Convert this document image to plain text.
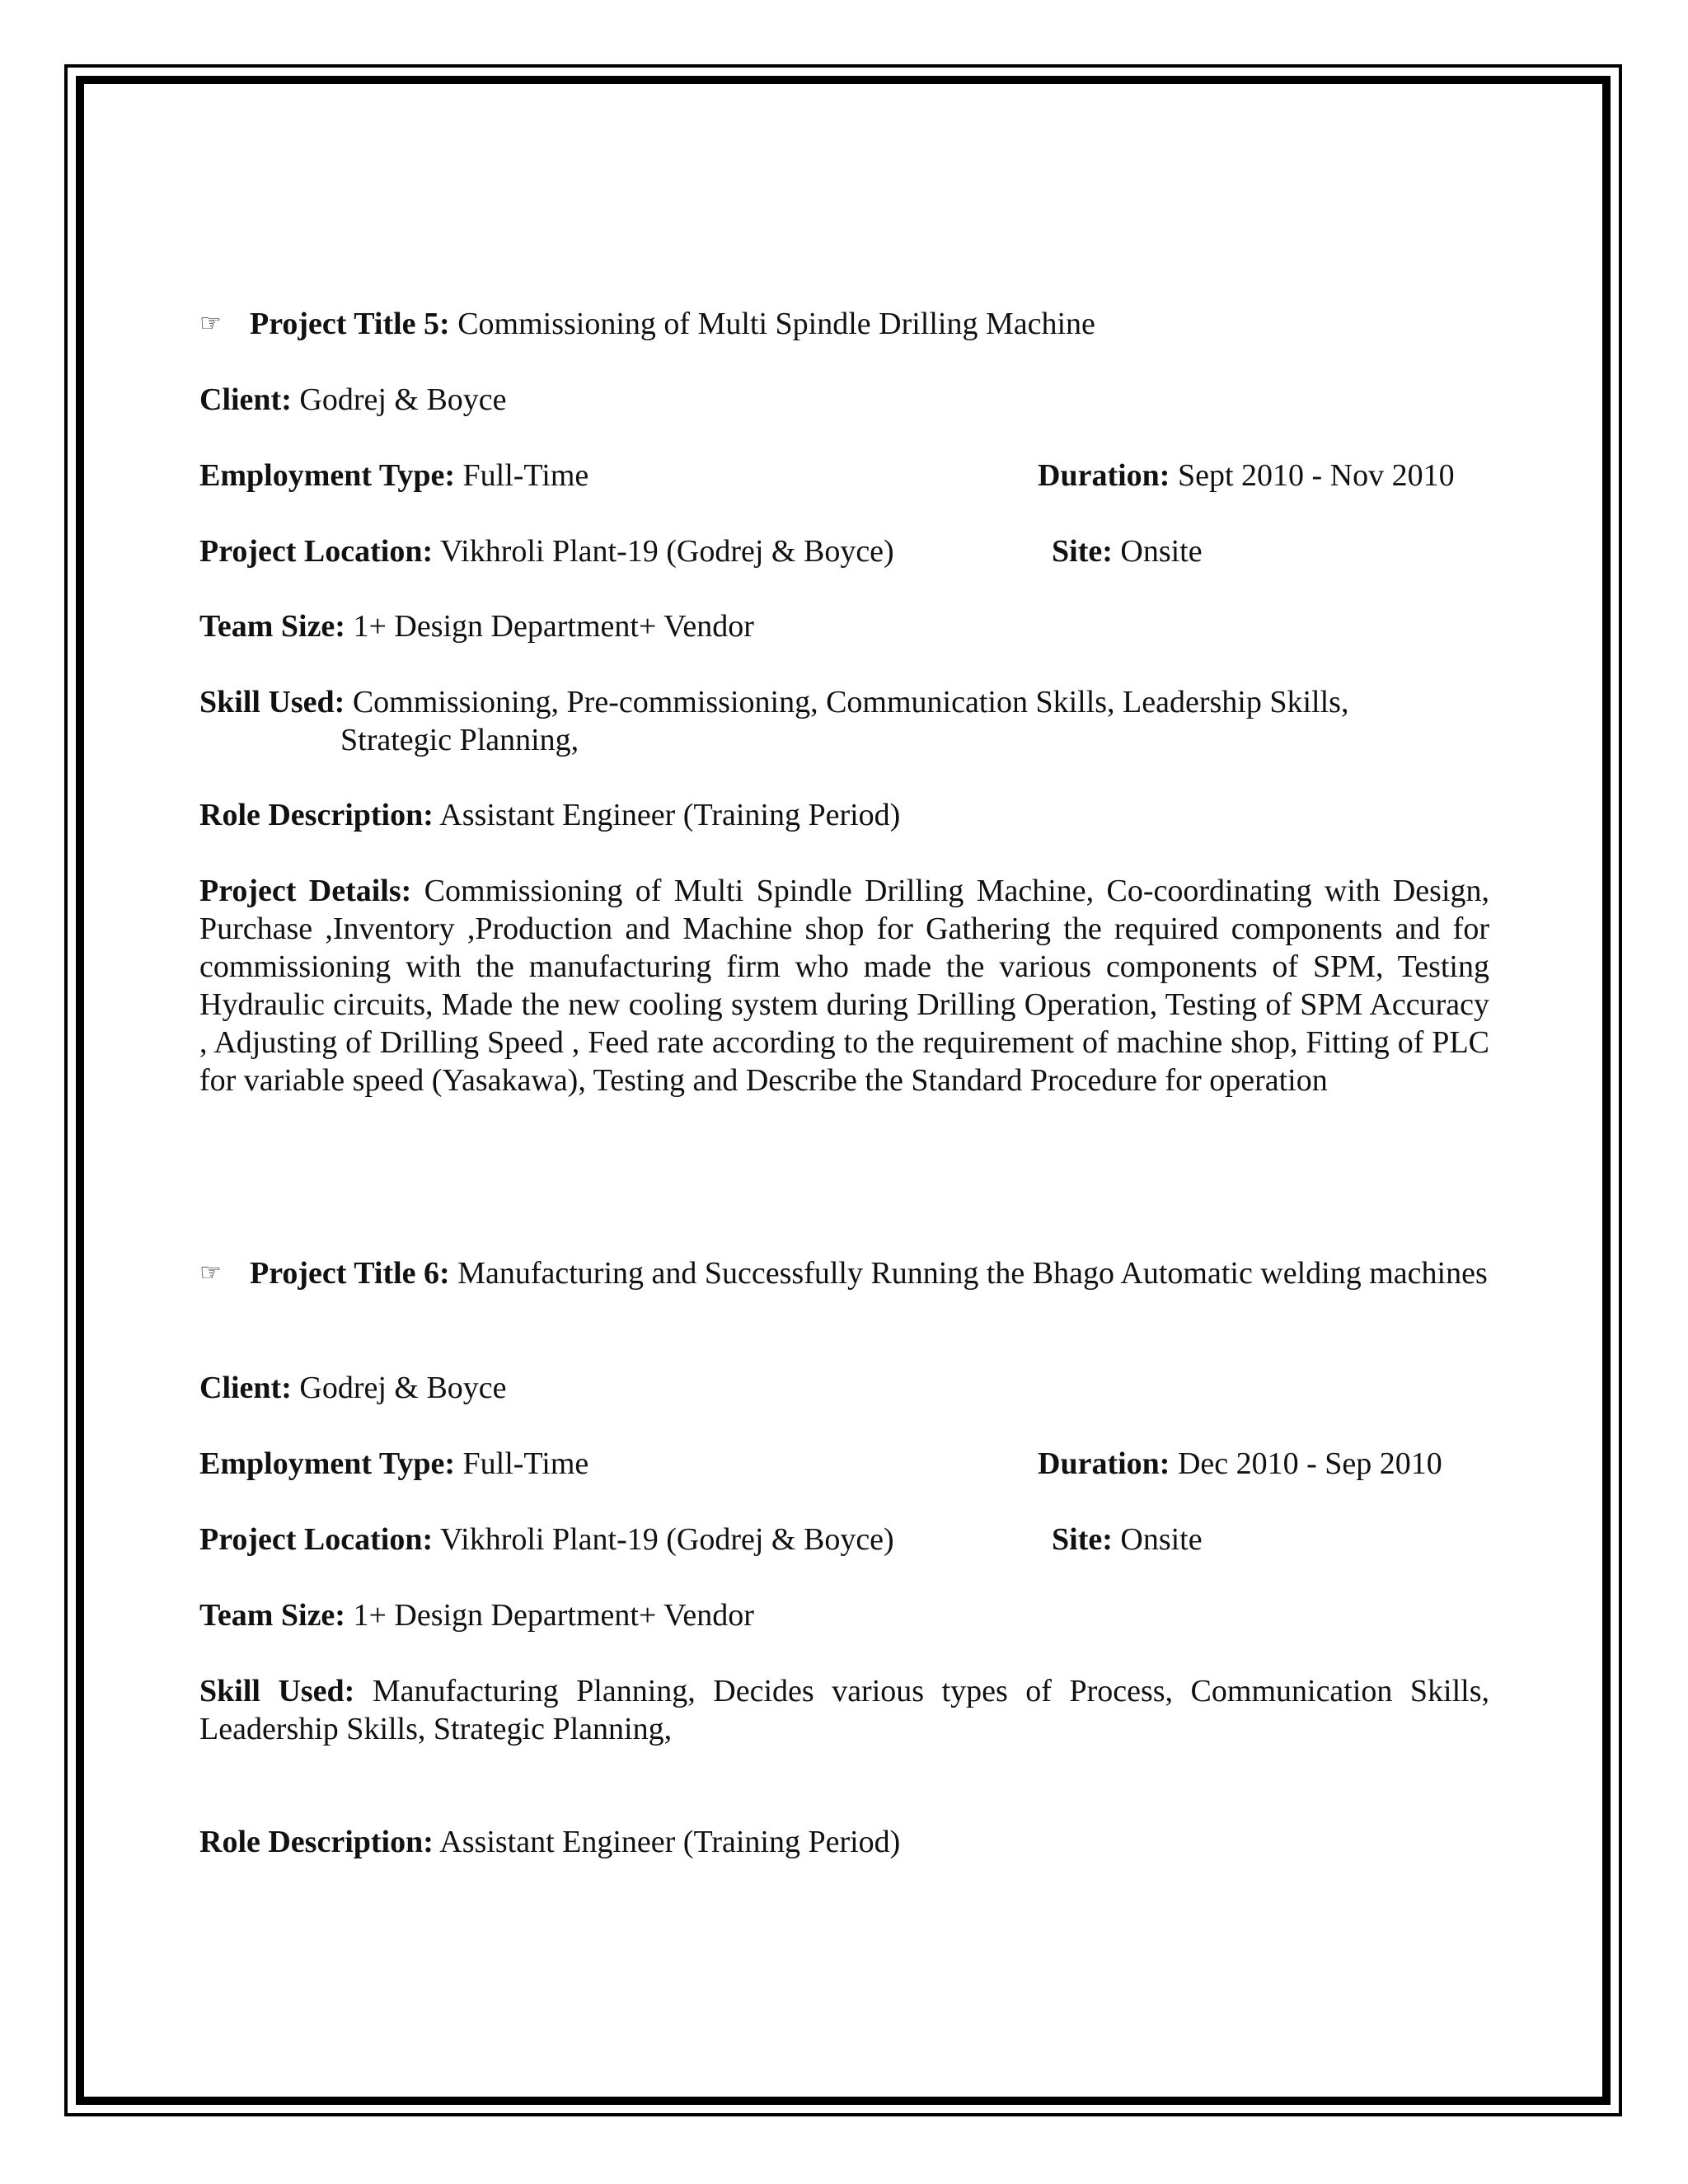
☞ Project Title 5: Commissioning of Multi Spindle Drilling Machine
Client: Godrej & Boyce
Employment Type: Full-Time	Duration: Sept 2010 - Nov 2010
Project Location: Vikhroli Plant-19 (Godrej & Boyce)	Site: Onsite
Team Size: 1+ Design Department+ Vendor
Skill Used: Commissioning, Pre-commissioning, Communication Skills, Leadership Skills,
Strategic Planning,
Role Description: Assistant Engineer (Training Period)
Project Details: Commissioning of Multi Spindle Drilling Machine, Co-coordinating with Design, Purchase ,Inventory ,Production and Machine shop for Gathering the required components and for commissioning with the manufacturing firm who made the various components of SPM, Testing Hydraulic circuits, Made the new cooling system during Drilling Operation, Testing of SPM Accuracy , Adjusting of Drilling Speed , Feed rate according to the requirement of machine shop, Fitting of PLC for variable speed (Yasakawa), Testing and Describe the Standard Procedure for operation
☞ Project Title 6: Manufacturing and Successfully Running the Bhago Automatic welding machines
Client: Godrej & Boyce
Employment Type: Full-Time	Duration: Dec 2010 - Sep 2010
Project Location: Vikhroli Plant-19 (Godrej & Boyce)	Site: Onsite
Team Size: 1+ Design Department+ Vendor
Skill Used: Manufacturing Planning, Decides various types of Process, Communication Skills, Leadership Skills, Strategic Planning,
Role Description: Assistant Engineer (Training Period)
